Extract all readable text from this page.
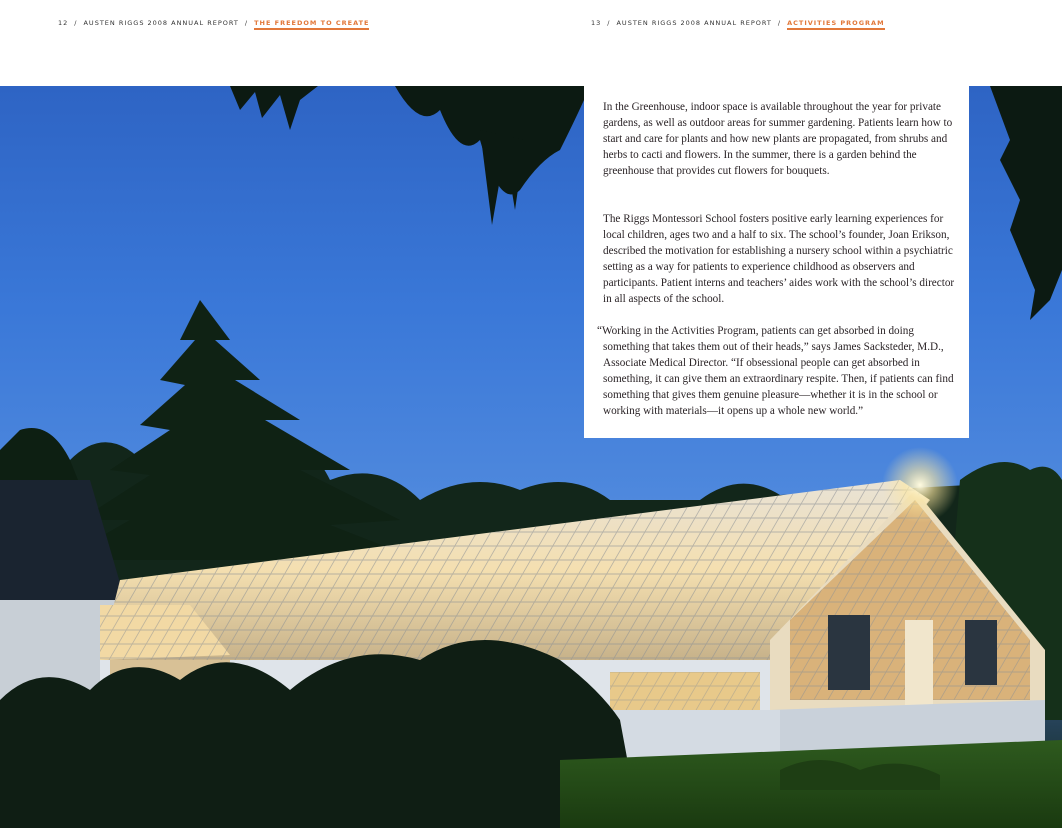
12 / AUSTEN RIGGS 2008 ANNUAL REPORT / THE FREEDOM TO CREATE	13 / AUSTEN RIGGS 2008 ANNUAL REPORT / ACTIVITIES PROGRAM

In the Greenhouse, indoor space is available throughout the year for private gardens, as well as outdoor areas for summer gardening. Patients learn how to start and care for plants and how new plants are propagated, from shrubs and herbs to cacti and flowers. In the summer, there is a garden behind the greenhouse that provides cut flowers for bouquets.

The Riggs Montessori School fosters positive early learning experiences for local children, ages two and a half to six. The school’s founder, Joan Erikson, described the motivation for establishing a nursery school within a psychiatric setting as a way for patients to experience childhood as observers and participants. Patient interns and teachers’ aides work with the school’s director in all aspects of the school.

“Working in the Activities Program, patients can get absorbed in doing something that takes them out of their heads,” says James Sacksteder, M.D., Associate Medical Director. “If obsessional people can get absorbed in something, it can give them an extraordinary respite. Then, if patients can find something that gives them genuine pleasure—whether it is in the school or working with materials—it opens up a whole new world.”
